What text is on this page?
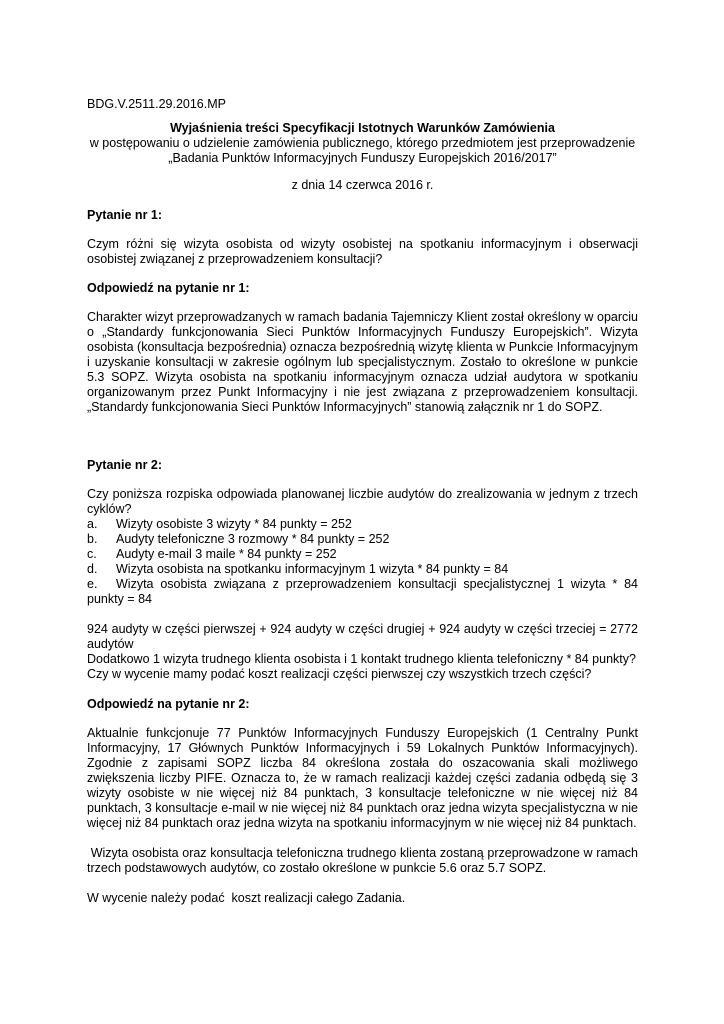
BDG.V.2511.29.2016.MP

Wyjaśnienia treści Specyfikacji Istotnych Warunków Zamówienia
w postępowaniu o udzielenie zamówienia publicznego, którego przedmiotem jest przeprowadzenie
„Badania Punktów Informacyjnych Funduszy Europejskich 2016/2017”
z dnia 14 czerwca 2016 r.

Pytanie nr 1:

Czym różni się wizyta osobista od wizyty osobistej na spotkaniu informacyjnym i obserwacji osobistej związanej z przeprowadzeniem konsultacji?

Odpowiedź na pytanie nr 1:

Charakter wizyt przeprowadzanych w ramach badania Tajemniczy Klient został określony w oparciu o „Standardy funkcjonowania Sieci Punktów Informacyjnych Funduszy Europejskich”. Wizyta osobista (konsultacja bezpośrednia) oznacza bezpośrednią wizytę klienta w Punkcie Informacyjnym i uzyskanie konsultacji w zakresie ogólnym lub specjalistycznym. Zostało to określone w punkcie 5.3 SOPZ. Wizyta osobista na spotkaniu informacyjnym oznacza udział audytora w spotkaniu organizowanym przez Punkt Informacyjny i nie jest związana z przeprowadzeniem konsultacji. „Standardy funkcjonowania Sieci Punktów Informacyjnych” stanowią załącznik nr 1 do SOPZ.

Pytanie nr 2:

Czy poniższa rozpiska odpowiada planowanej liczbie audytów do zrealizowania w jednym z trzech cyklów?

a.	Wizyty osobiste 3 wizyty * 84 punkty = 252
b.	Audyty telefoniczne 3 rozmowy * 84 punkty = 252
c.	Audyty e-mail 3 maile * 84 punkty = 252
d.	Wizyta osobista na spotkanku informacyjnym 1 wizyta * 84 punkty = 84
e. Wizyta osobista związana z przeprowadzeniem konsultacji specjalistycznej 1 wizyta * 84 punkty = 84

924 audyty w części pierwszej + 924 audyty w części drugiej + 924 audyty w części trzeciej = 2772 audytów

Dodatkowo 1 wizyta trudnego klienta osobista i 1 kontakt trudnego klienta telefoniczny * 84 punkty?

Czy w wycenie mamy podać koszt realizacji części pierwszej czy wszystkich trzech części?

Odpowiedź na pytanie nr 2:

Aktualnie funkcjonuje 77 Punktów Informacyjnych Funduszy Europejskich (1 Centralny Punkt Informacyjny, 17 Głównych Punktów Informacyjnych i 59 Lokalnych Punktów Informacyjnych). Zgodnie z zapisami SOPZ liczba 84 określona została do oszacowania skali możliwego zwiększenia liczby PIFE. Oznacza to, że w ramach realizacji każdej części zadania odbędą się 3 wizyty osobiste w nie więcej niż 84 punktach, 3 konsultacje telefoniczne w nie więcej niż 84 punktach, 3 konsultacje e-mail w nie więcej niż 84 punktach oraz jedna wizyta specjalistyczna w nie więcej niż 84 punktach oraz jedna wizyta na spotkaniu informacyjnym w nie więcej niż 84 punktach.

Wizyta osobista oraz konsultacja telefoniczna trudnego klienta zostaną przeprowadzone w ramach trzech podstawowych audytów, co zostało określone w punkcie 5.6 oraz 5.7 SOPZ.

W wycenie należy podać  koszt realizacji całego Zadania.
